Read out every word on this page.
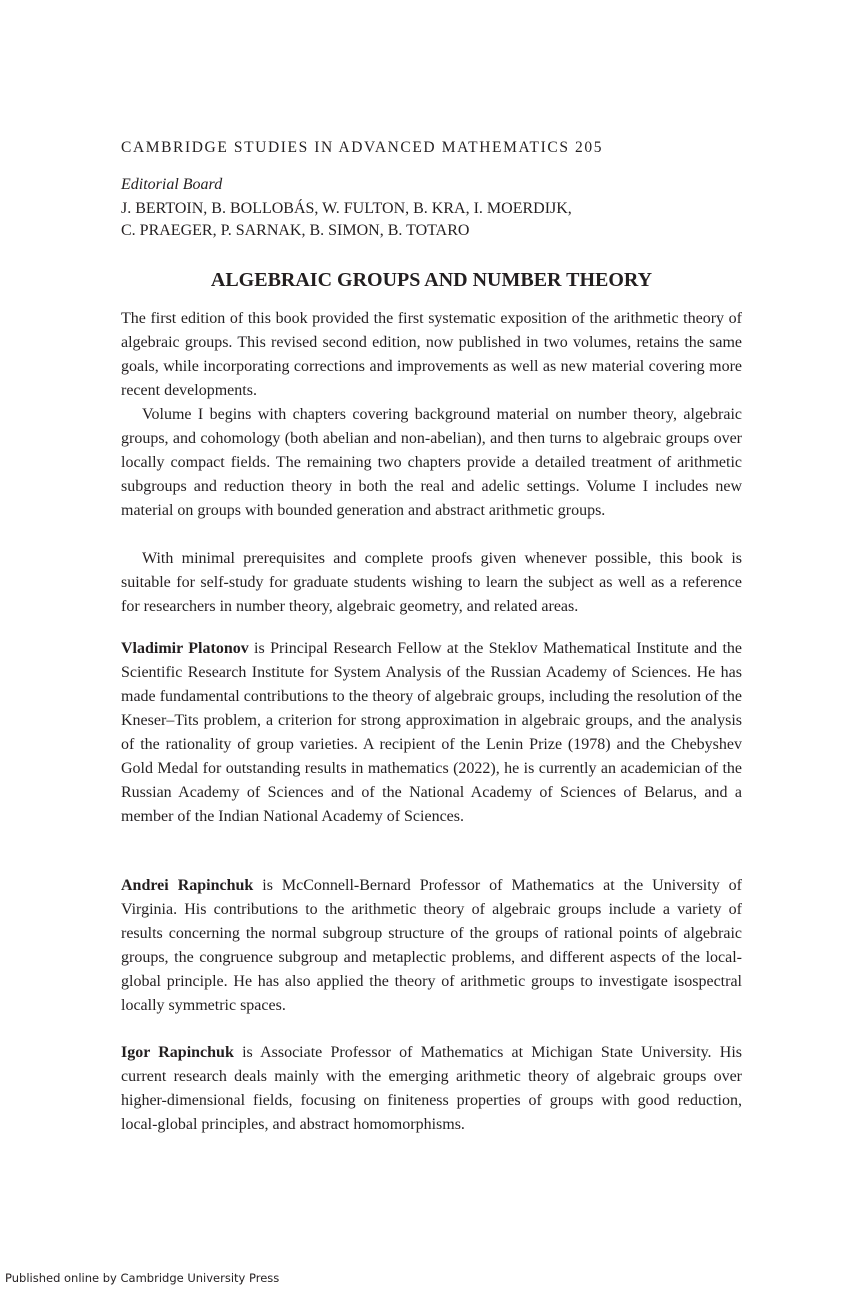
CAMBRIDGE STUDIES IN ADVANCED MATHEMATICS 205
Editorial Board
J. BERTOIN, B. BOLLOBÁS, W. FULTON, B. KRA, I. MOERDIJK,
C. PRAEGER, P. SARNAK, B. SIMON, B. TOTARO
ALGEBRAIC GROUPS AND NUMBER THEORY

The first edition of this book provided the first systematic exposition of the arithmetic theory of algebraic groups. This revised second edition, now published in two volumes, retains the same goals, while incorporating corrections and improvements as well as new material covering more recent developments.

Volume I begins with chapters covering background material on number theory, algebraic groups, and cohomology (both abelian and non-abelian), and then turns to algebraic groups over locally compact fields. The remaining two chapters provide a detailed treatment of arithmetic subgroups and reduction theory in both the real and adelic settings. Volume I includes new material on groups with bounded generation and abstract arithmetic groups.

With minimal prerequisites and complete proofs given whenever possible, this book is suitable for self-study for graduate students wishing to learn the subject as well as a reference for researchers in number theory, algebraic geometry, and related areas.

Vladimir Platonov is Principal Research Fellow at the Steklov Mathematical Institute and the Scientific Research Institute for System Analysis of the Russian Academy of Sciences. He has made fundamental contributions to the theory of algebraic groups, including the resolution of the Kneser–Tits problem, a criterion for strong approximation in algebraic groups, and the analysis of the rationality of group varieties. A recipient of the Lenin Prize (1978) and the Chebyshev Gold Medal for outstanding results in mathematics (2022), he is currently an academician of the Russian Academy of Sciences and of the National Academy of Sciences of Belarus, and a member of the Indian National Academy of Sciences.

Andrei Rapinchuk is McConnell-Bernard Professor of Mathematics at the University of Virginia. His contributions to the arithmetic theory of algebraic groups include a variety of results concerning the normal subgroup structure of the groups of rational points of algebraic groups, the congruence subgroup and metaplectic problems, and different aspects of the local-global principle. He has also applied the theory of arithmetic groups to investigate isospectral locally symmetric spaces.

Igor Rapinchuk is Associate Professor of Mathematics at Michigan State University. His current research deals mainly with the emerging arithmetic theory of algebraic groups over higher-dimensional fields, focusing on finiteness properties of groups with good reduction, local-global principles, and abstract homomorphisms.

Published online by Cambridge University Press
